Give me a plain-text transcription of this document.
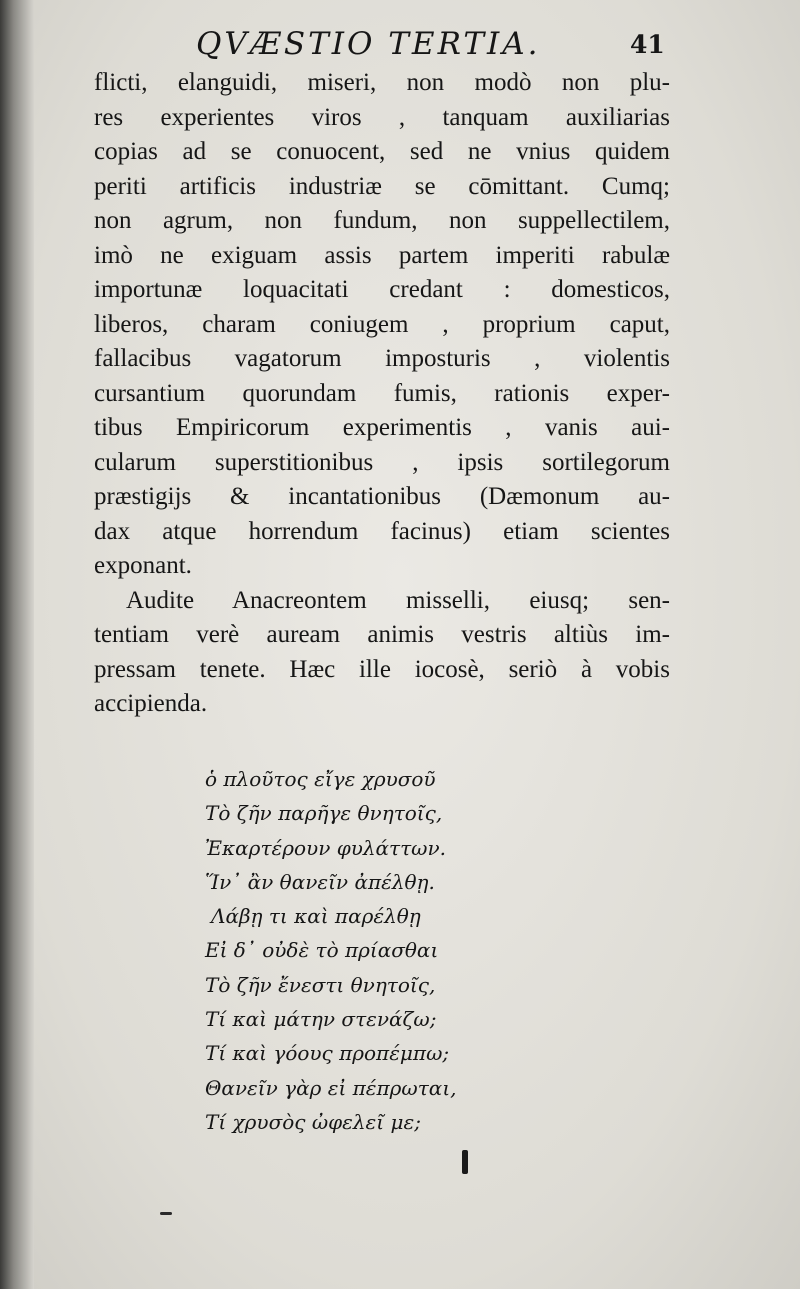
QVÆSTIO TERTIA.	41
flicti, elanguidi, miseri, non modò non plu-
res experientes viros , tanquam auxiliarias
copias ad se conuocent, sed ne vnius quidem
periti artificis industriæ se cōmittant. Cumq;
non agrum, non fundum, non suppellectilem,
imò ne exiguam assis partem imperiti rabulæ
importunæ loquacitati credant : domesticos,
liberos, charam coniugem , proprium caput,
fallacibus vagatorum imposturis , violentis
cursantium quorundam fumis, rationis exper-
tibus Empiricorum experimentis , vanis aui-
cularum superstitionibus , ipsis sortilegorum
præstigijs & incantationibus (Dæmonum au-
dax atque horrendum facinus) etiam scientes
exponant.
Audite Anacreontem misselli, eiusq; sen-
tentiam verè auream animis vestris altiùs im-
pressam tenete. Hæc ille iocosè, seriò à vobis
accipienda.
ὁ πλοῦτος εἴγε χρυσοῦ
Τὸ ζῆν παρῆγε θνητοῖς,
Ἐκαρτέρουν φυλάττων.
Ἵν᾽ ἂν θανεῖν ἀπέλθῃ.
Λάβῃ τι καὶ παρέλθῃ
Εἰ δ᾽ οὐδὲ τὸ πρίασθαι
Τὸ ζῆν ἔνεστι θνητοῖς,
Τί καὶ μάτην στενάζω;
Τί καὶ γόους προπέμπω;
Θανεῖν γὰρ εἰ πέπρωται,
Τί χρυσὸς ὠφελεῖ με;
